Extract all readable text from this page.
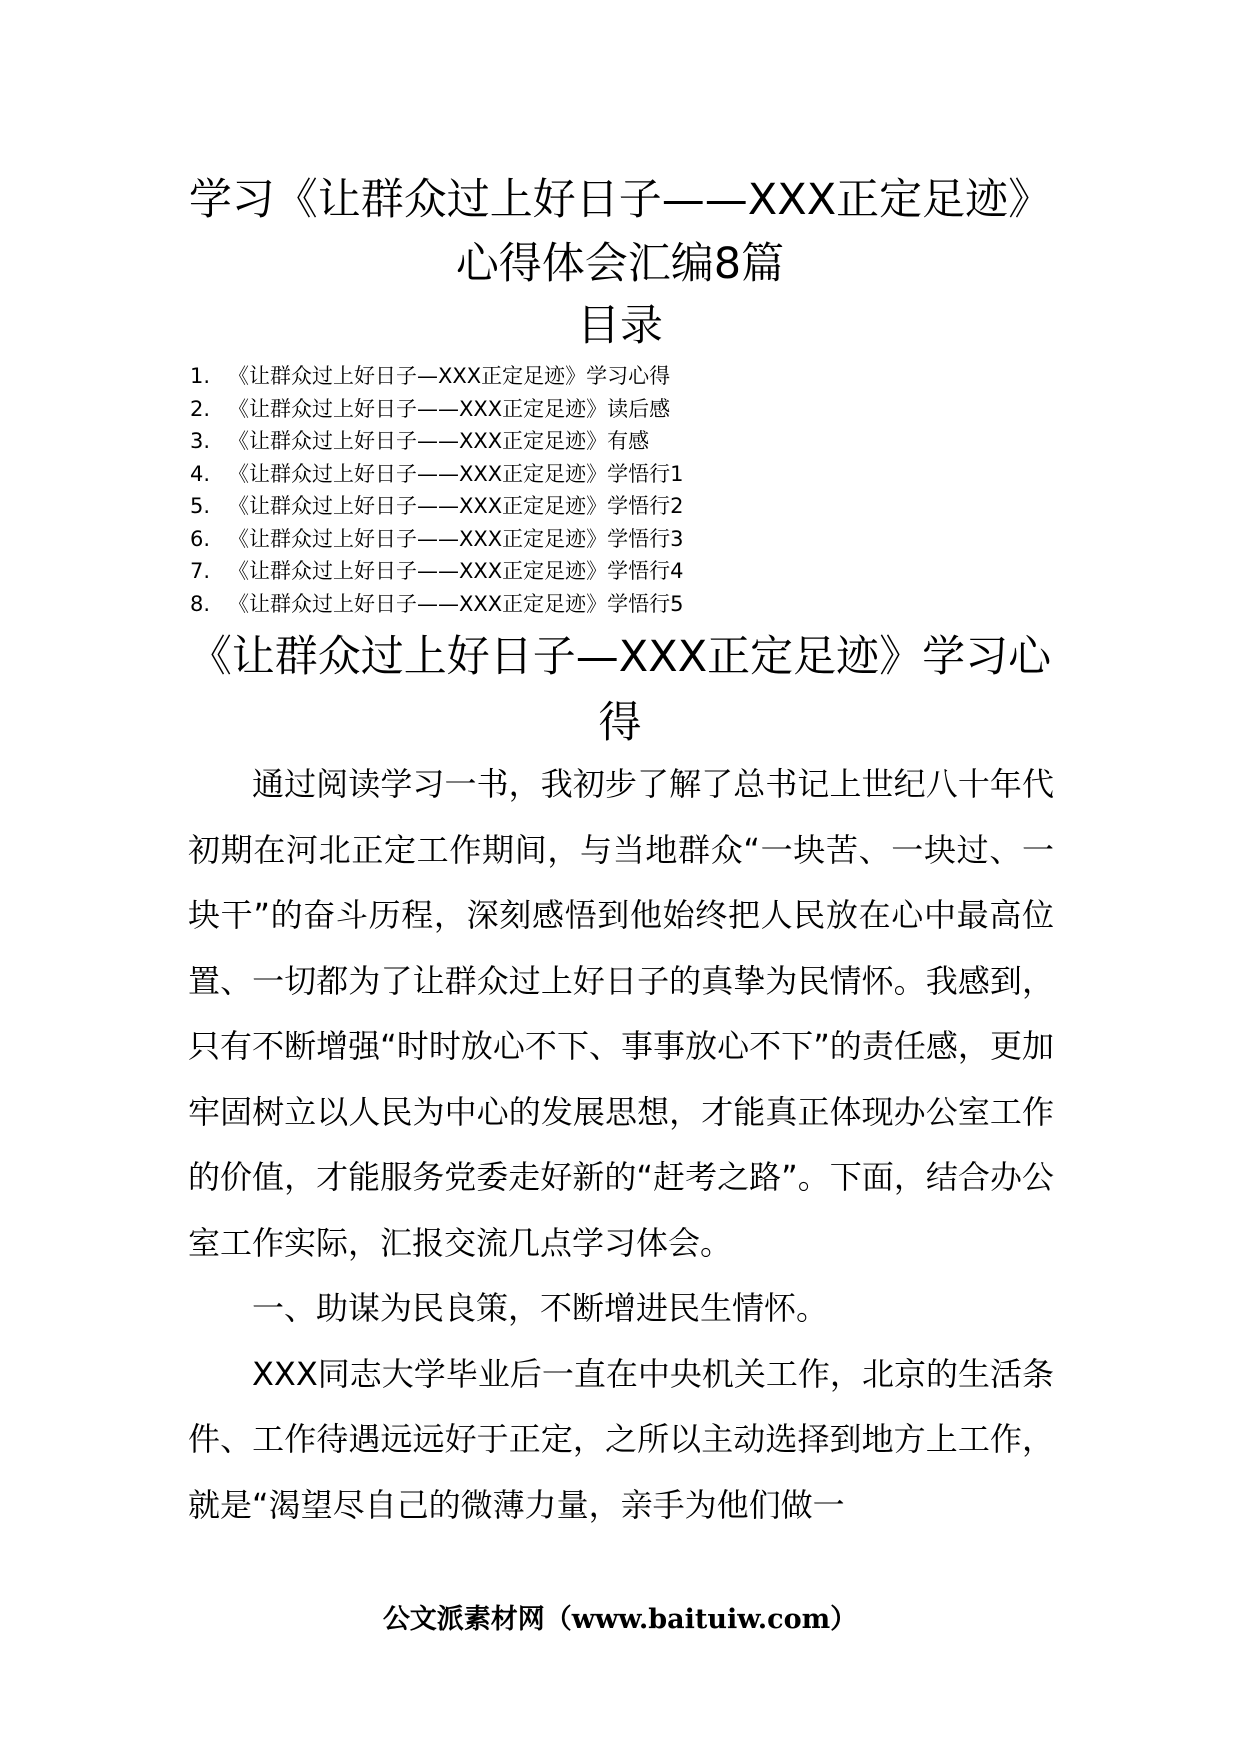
学习《让群众过上好日子——XXX正定足迹》心得体会汇编8篇
目录
1. 《让群众过上好日子—XXX正定足迹》学习心得
2. 《让群众过上好日子——XXX正定足迹》读后感
3. 《让群众过上好日子——XXX正定足迹》有感
4. 《让群众过上好日子——XXX正定足迹》学悟行1
5. 《让群众过上好日子——XXX正定足迹》学悟行2
6. 《让群众过上好日子——XXX正定足迹》学悟行3
7. 《让群众过上好日子——XXX正定足迹》学悟行4
8. 《让群众过上好日子——XXX正定足迹》学悟行5
《让群众过上好日子—XXX正定足迹》学习心得

通过阅读学习一书，我初步了解了总书记上世纪八十年代初期在河北正定工作期间，与当地群众“一块苦、一块过、一块干”的奋斗历程，深刻感悟到他始终把人民放在心中最高位置、一切都为了让群众过上好日子的真挚为民情怀。我感到，只有不断增强“时时放心不下、事事放心不下”的责任感，更加牢固树立以人民为中心的发展思想，才能真正体现办公室工作的价值，才能服务党委走好新的“赶考之路”。下面，结合办公室工作实际，汇报交流几点学习体会。

一、助谋为民良策，不断增进民生情怀。

XXX同志大学毕业后一直在中央机关工作，北京的生活条件、工作待遇远远好于正定，之所以主动选择到地方上工作，就是“渴望尽自己的微薄力量，亲手为他们做一

公文派素材网（www.baituiw.com）
